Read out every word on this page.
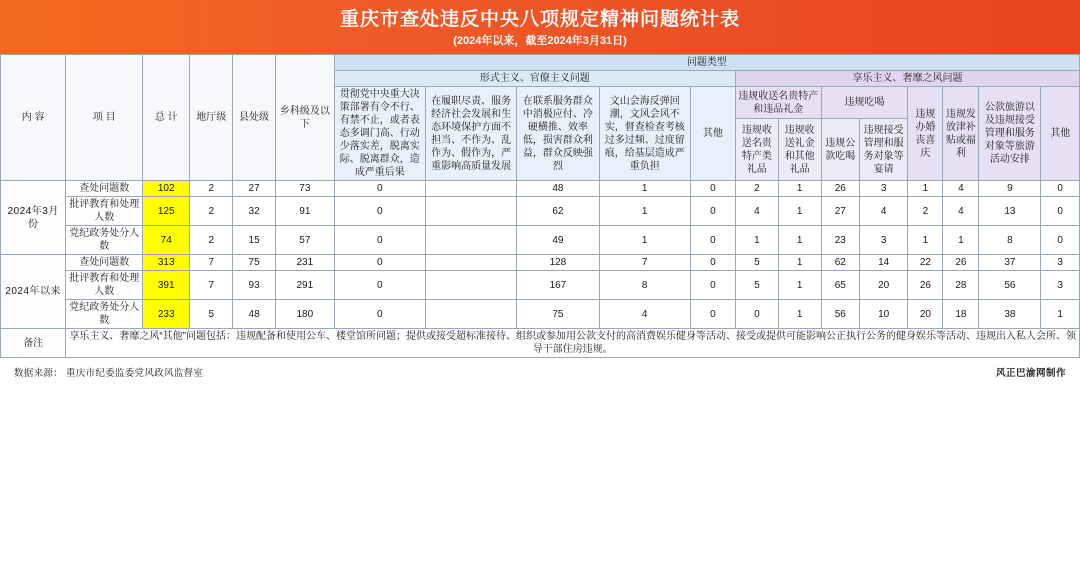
重庆市查处违反中央八项规定精神问题统计表
(2024年以来，截至2024年3月31日)
内 容	项 目	总 计	地厅级	县处级	乡科级及以下	问题类型												
						形式主义、官僚主义问题					享乐主义、奢靡之风问题							
						贯彻党中央重大决策部署有令不行、有禁不止，或者表态多调门高、行动少落实差，脱离实际、脱离群众，造成严重后果	在履职尽责、服务经济社会发展和生态环境保护方面不担当、不作为、乱作为、假作为，严重影响高质量发展	在联系服务群众中消极应付、冷硬横推、效率低，损害群众利益，群众反映强烈	文山会海反弹回潮，文风会风不实，督查检查考核过多过频、过度留痕，给基层造成严重负担	其他	违规收送名贵特产和违品礼金		违规吃喝		违规办婚丧喜庆	违规发放津补贴或福利	公款旅游以及违规接受管理和服务对象等旅游活动安排	其他
											违规收送名贵特产类礼品	违规收送礼金和其他礼品	违规公款吃喝	违规接受管理和服务对象等宴请				
2024年3月份	查处问题数	102	2	27	73	0		48	1	0	2	1	26	3	1	4	9	0
	批评教育和处理人数	125	2	32	91	0		62	1	0	4	1	27	4	2	4	13	0
	党纪政务处分人数	74	2	15	57	0		49	1	0	1	1	23	3	1	1	8	0
2024年以来	查处问题数	313	7	75	231	0		128	7	0	5	1	62	14	22	26	37	3
	批评教育和处理人数	391	7	93	291	0		167	8	0	5	1	65	20	26	28	56	3
	党纪政务处分人数	233	5	48	180	0		75	4	0	0	1	56	10	20	18	38	1
备注	享乐主义、奢靡之风“其他”问题包括：违规配备和使用公车、楼堂馆所问题；提供或接受超标准接待、组织或参加用公款支付的高消费娱乐健身等活动、接受或提供可能影响公正执行公务的健身娱乐等活动、违规出入私人会所、领导干部住房违规。																	
数据来源： 重庆市纪委监委党风政风监督室	风正巴渝网制作
